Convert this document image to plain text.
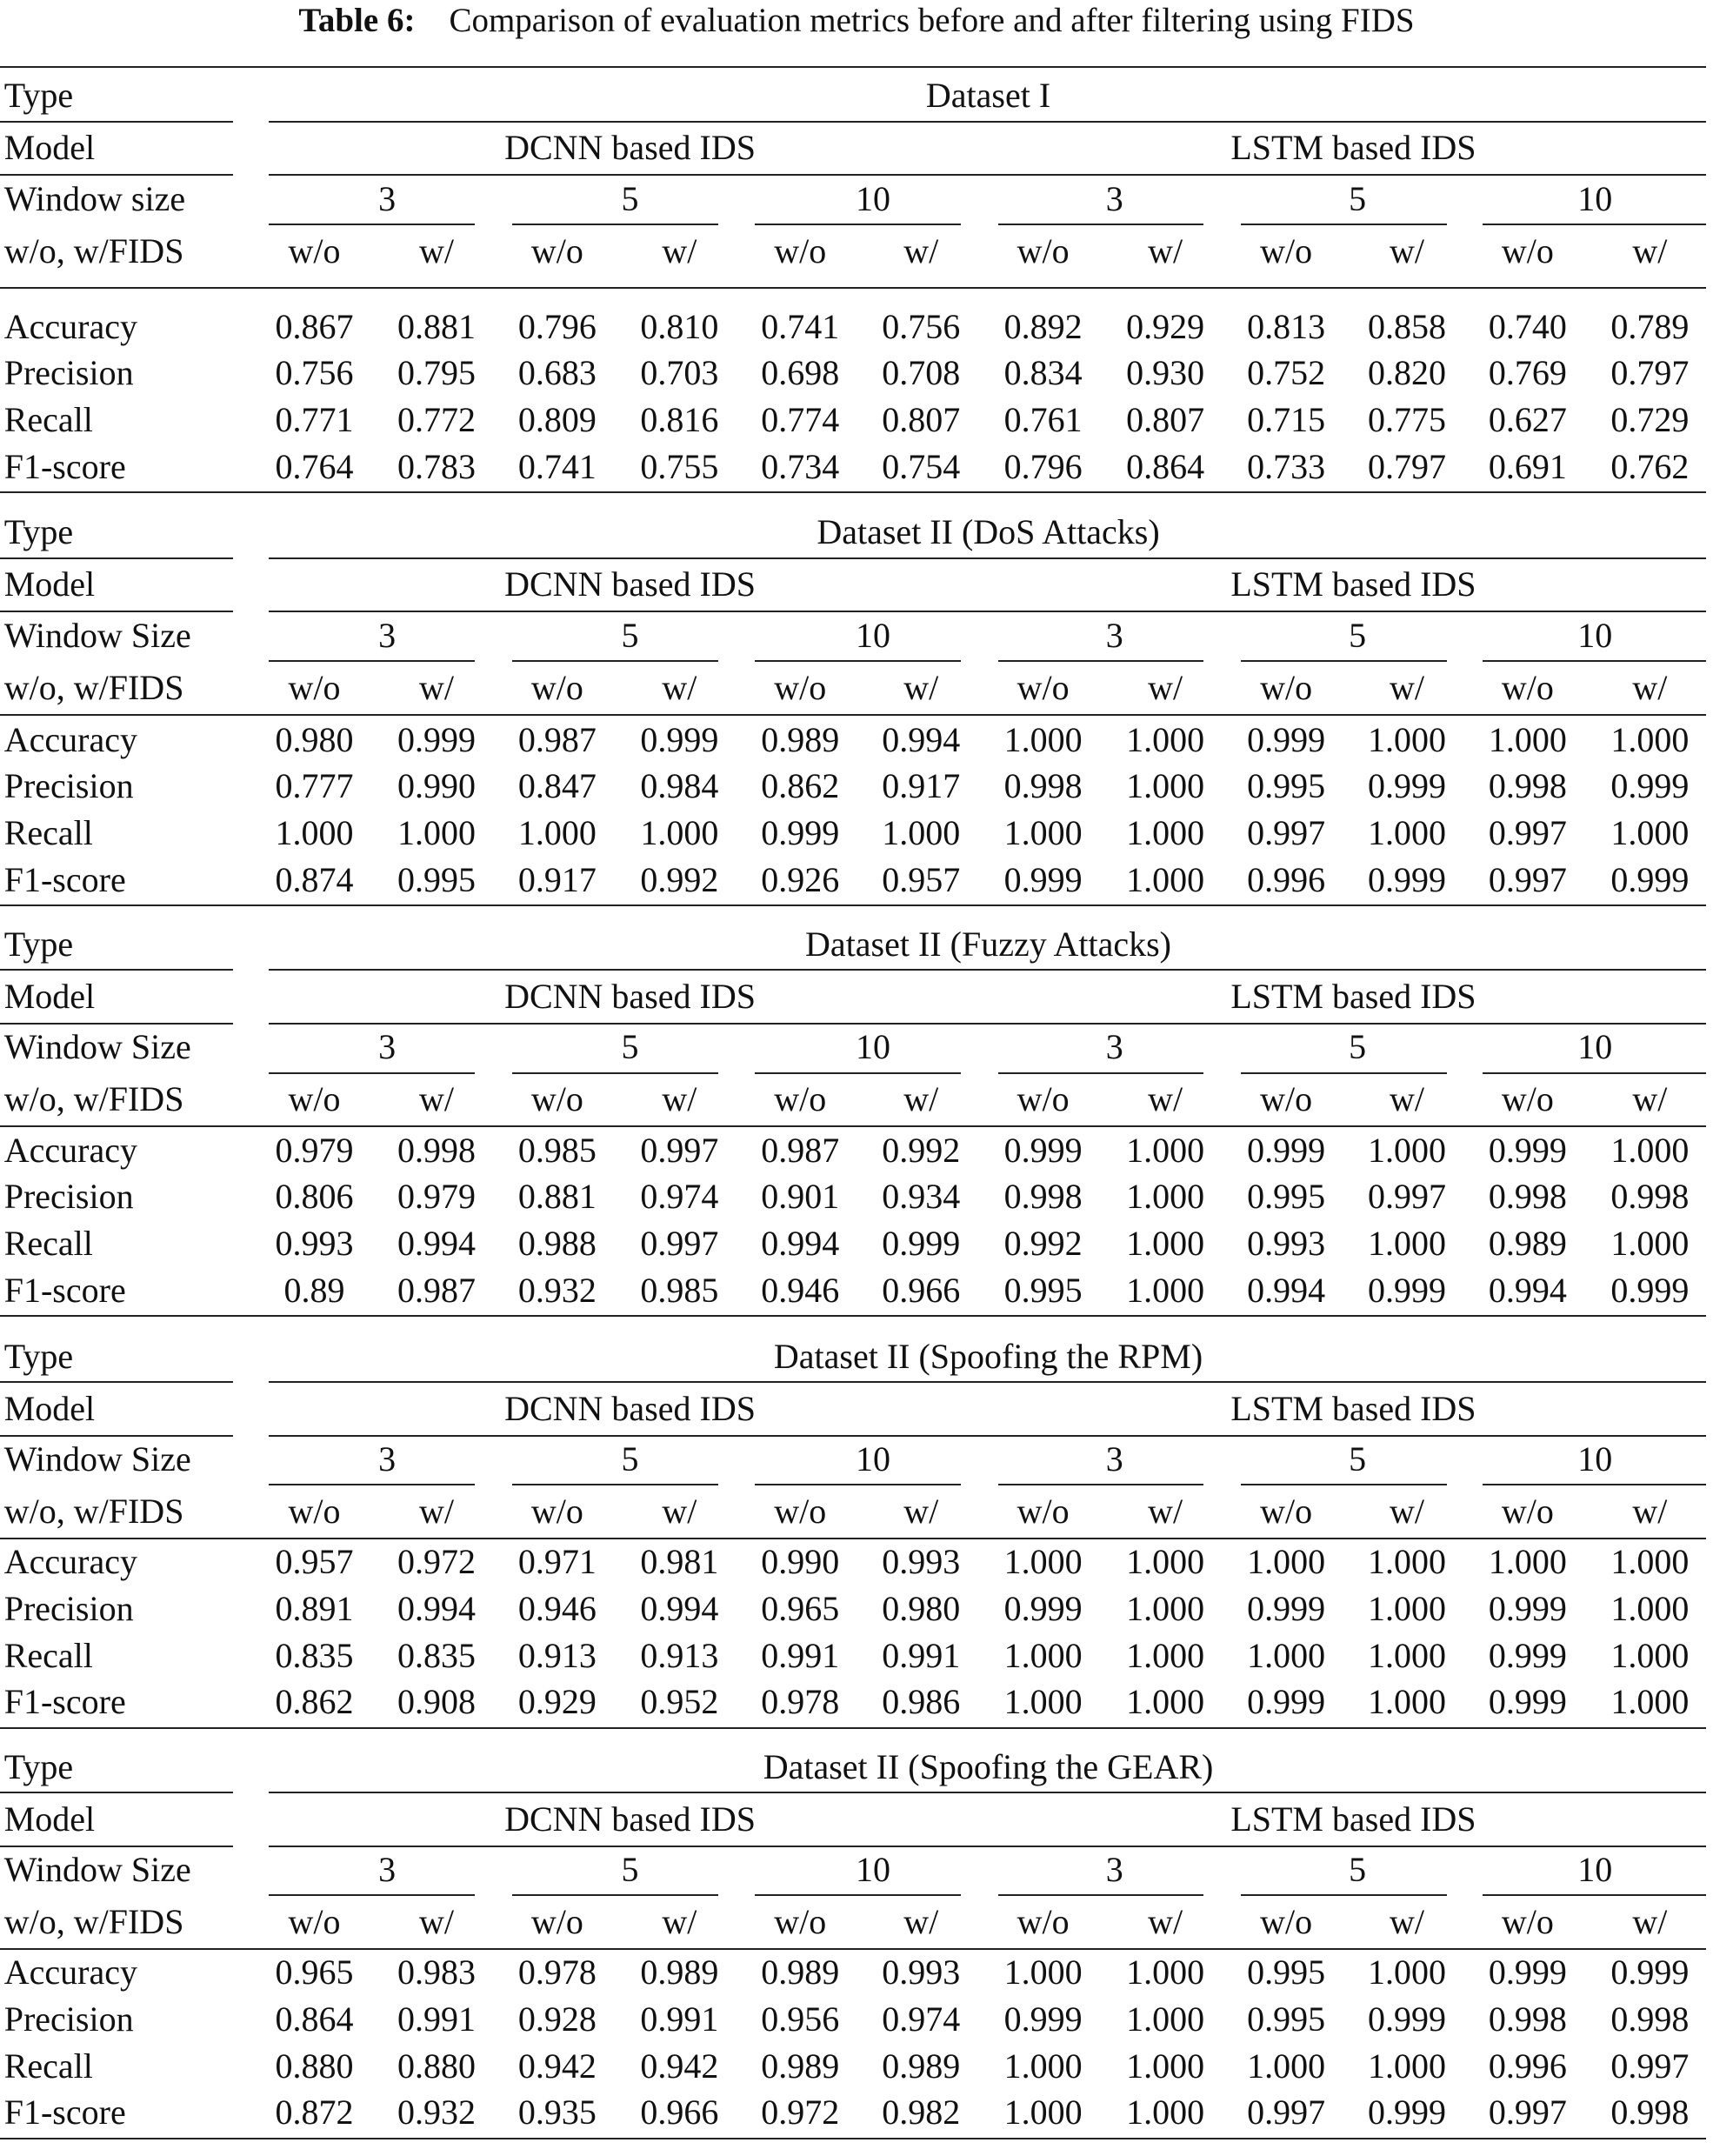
Table 6: Comparison of evaluation metrics before and after filtering using FIDS
Type	Dataset I
Model	DCNN based IDS	LSTM based IDS
Window size	3	5	10	3	5	10
w/o, w/FIDS	w/o	w/	w/o	w/	w/o	w/	w/o	w/	w/o	w/	w/o	w/
Accuracy	0.867	0.881	0.796	0.810	0.741	0.756	0.892	0.929	0.813	0.858	0.740	0.789
Precision	0.756	0.795	0.683	0.703	0.698	0.708	0.834	0.930	0.752	0.820	0.769	0.797
Recall	0.771	0.772	0.809	0.816	0.774	0.807	0.761	0.807	0.715	0.775	0.627	0.729
F1-score	0.764	0.783	0.741	0.755	0.734	0.754	0.796	0.864	0.733	0.797	0.691	0.762
Type	Dataset II (DoS Attacks)
Model	DCNN based IDS	LSTM based IDS
Window Size	3	5	10	3	5	10
w/o, w/FIDS	w/o	w/	w/o	w/	w/o	w/	w/o	w/	w/o	w/	w/o	w/
Accuracy	0.980	0.999	0.987	0.999	0.989	0.994	1.000	1.000	0.999	1.000	1.000	1.000
Precision	0.777	0.990	0.847	0.984	0.862	0.917	0.998	1.000	0.995	0.999	0.998	0.999
Recall	1.000	1.000	1.000	1.000	0.999	1.000	1.000	1.000	0.997	1.000	0.997	1.000
F1-score	0.874	0.995	0.917	0.992	0.926	0.957	0.999	1.000	0.996	0.999	0.997	0.999
Type	Dataset II (Fuzzy Attacks)
Model	DCNN based IDS	LSTM based IDS
Window Size	3	5	10	3	5	10
w/o, w/FIDS	w/o	w/	w/o	w/	w/o	w/	w/o	w/	w/o	w/	w/o	w/
Accuracy	0.979	0.998	0.985	0.997	0.987	0.992	0.999	1.000	0.999	1.000	0.999	1.000
Precision	0.806	0.979	0.881	0.974	0.901	0.934	0.998	1.000	0.995	0.997	0.998	0.998
Recall	0.993	0.994	0.988	0.997	0.994	0.999	0.992	1.000	0.993	1.000	0.989	1.000
F1-score	0.89	0.987	0.932	0.985	0.946	0.966	0.995	1.000	0.994	0.999	0.994	0.999
Type	Dataset II (Spoofing the RPM)
Model	DCNN based IDS	LSTM based IDS
Window Size	3	5	10	3	5	10
w/o, w/FIDS	w/o	w/	w/o	w/	w/o	w/	w/o	w/	w/o	w/	w/o	w/
Accuracy	0.957	0.972	0.971	0.981	0.990	0.993	1.000	1.000	1.000	1.000	1.000	1.000
Precision	0.891	0.994	0.946	0.994	0.965	0.980	0.999	1.000	0.999	1.000	0.999	1.000
Recall	0.835	0.835	0.913	0.913	0.991	0.991	1.000	1.000	1.000	1.000	0.999	1.000
F1-score	0.862	0.908	0.929	0.952	0.978	0.986	1.000	1.000	0.999	1.000	0.999	1.000
Type	Dataset II (Spoofing the GEAR)
Model	DCNN based IDS	LSTM based IDS
Window Size	3	5	10	3	5	10
w/o, w/FIDS	w/o	w/	w/o	w/	w/o	w/	w/o	w/	w/o	w/	w/o	w/
Accuracy	0.965	0.983	0.978	0.989	0.989	0.993	1.000	1.000	0.995	1.000	0.999	0.999
Precision	0.864	0.991	0.928	0.991	0.956	0.974	0.999	1.000	0.995	0.999	0.998	0.998
Recall	0.880	0.880	0.942	0.942	0.989	0.989	1.000	1.000	1.000	1.000	0.996	0.997
F1-score	0.872	0.932	0.935	0.966	0.972	0.982	1.000	1.000	0.997	0.999	0.997	0.998
